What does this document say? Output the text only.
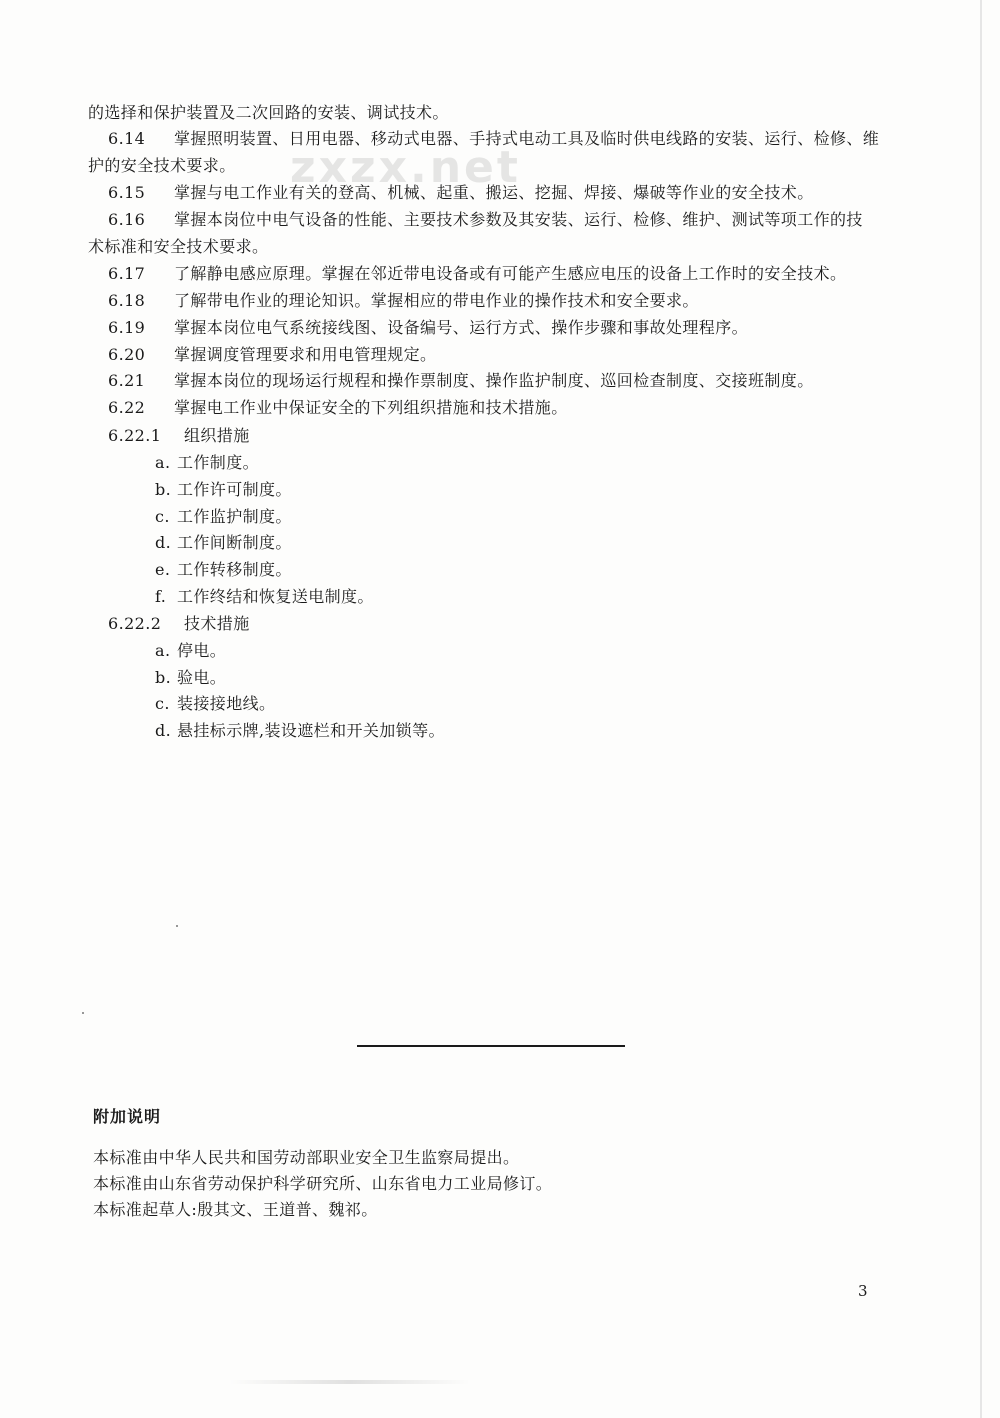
zxzx.net
的选择和保护装置及二次回路的安装、调试技术。
6.14 掌握照明装置、日用电器、移动式电器、手持式电动工具及临时供电线路的安装、运行、检修、维
护的安全技术要求。
6.15 掌握与电工作业有关的登高、机械、起重、搬运、挖掘、焊接、爆破等作业的安全技术。
6.16 掌握本岗位中电气设备的性能、主要技术参数及其安装、运行、检修、维护、测试等项工作的技
术标准和安全技术要求。
6.17 了解静电感应原理。掌握在邻近带电设备或有可能产生感应电压的设备上工作时的安全技术。
6.18 了解带电作业的理论知识。掌握相应的带电作业的操作技术和安全要求。
6.19 掌握本岗位电气系统接线图、设备编号、运行方式、操作步骤和事故处理程序。
6.20 掌握调度管理要求和用电管理规定。
6.21 掌握本岗位的现场运行规程和操作票制度、操作监护制度、巡回检查制度、交接班制度。
6.22 掌握电工作业中保证安全的下列组织措施和技术措施。
6.22.1 组织措施
a. 工作制度。
b. 工作许可制度。
c. 工作监护制度。
d. 工作间断制度。
e. 工作转移制度。
f. 工作终结和恢复送电制度。
6.22.2 技术措施
a. 停电。
b. 验电。
c. 装接接地线。
d. 悬挂标示牌,装设遮栏和开关加锁等。
附加说明
本标准由中华人民共和国劳动部职业安全卫生监察局提出。
本标准由山东省劳动保护科学研究所、山东省电力工业局修订。
本标准起草人:殷其文、王道普、魏祁。
3
